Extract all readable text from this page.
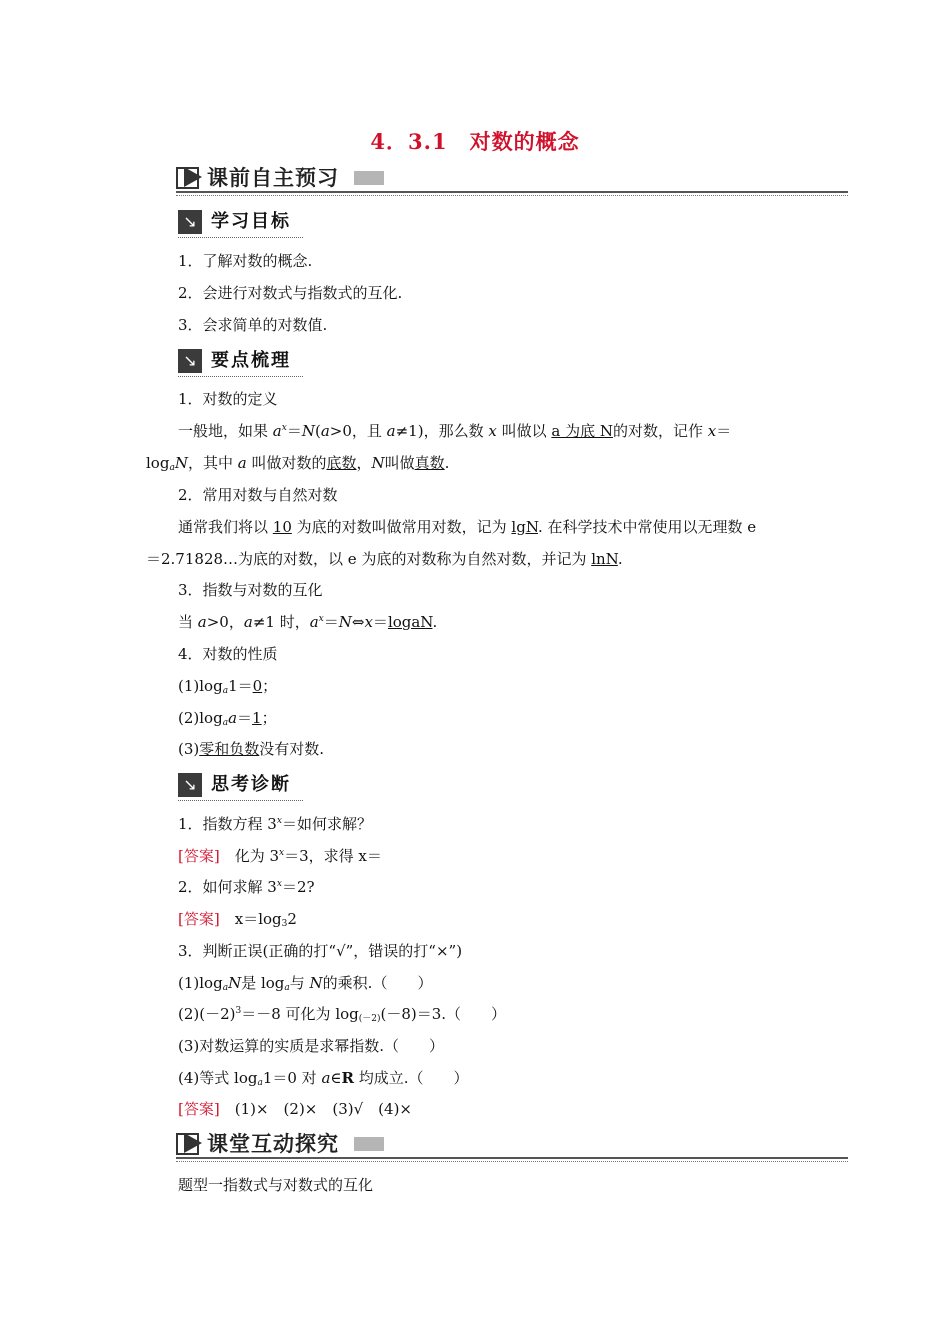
4．3.1　对数的概念
课前自主预习
↘ 学习目标
1．了解对数的概念.
2．会进行对数式与指数式的互化.
3．会求简单的对数值.
↘ 要点梳理
1．对数的定义
一般地，如果 $a^x=N(a>0$，且 a≠1)，那么数 x 叫做以 a 为底 N的对数，记作 x＝
$\log_aN$，其中 a 叫做对数的底数，N叫做真数.
2．常用对数与自然对数
通常我们将以 10 为底的对数叫做常用对数，记为 lgN. 在科学技术中常使用以无理数 e
＝2.71828…为底的对数，以 e 为底的对数称为自然对数，并记为 lnN.
3．指数与对数的互化
当 a>0，a≠1 时，$a^x=N\Leftrightarrow x=logaN$.
4．对数的性质
$(1)\log_a1=0$；
$(2)\log_aa=1$；
(3)零和负数没有对数.
↘ 思考诊断
1．指数方程 $3^x=$如何求解？
[答案]　 化为 $3^x=3$，求得 x＝
2．如何求解 $3^x=2$?
[答案]　 $x=\log_32$
3．判断正误(正确的打“√”，错误的打“×”)
$(1)\log_aN$是 $\log_a$与 N的乘积.（　　）
$(2)(-2)^3=-8$ 可化为 $\log_{(-2)}(-8)=3$.（　　）
(3)对数运算的实质是求幂指数.（　　）
(4)等式 $\log_a1=0$ 对 a∈R 均成立.（　　）
[答案]　 (1)×　(2)×　(3)√　(4)×
课堂互动探究
题型一指数式与对数式的互化
